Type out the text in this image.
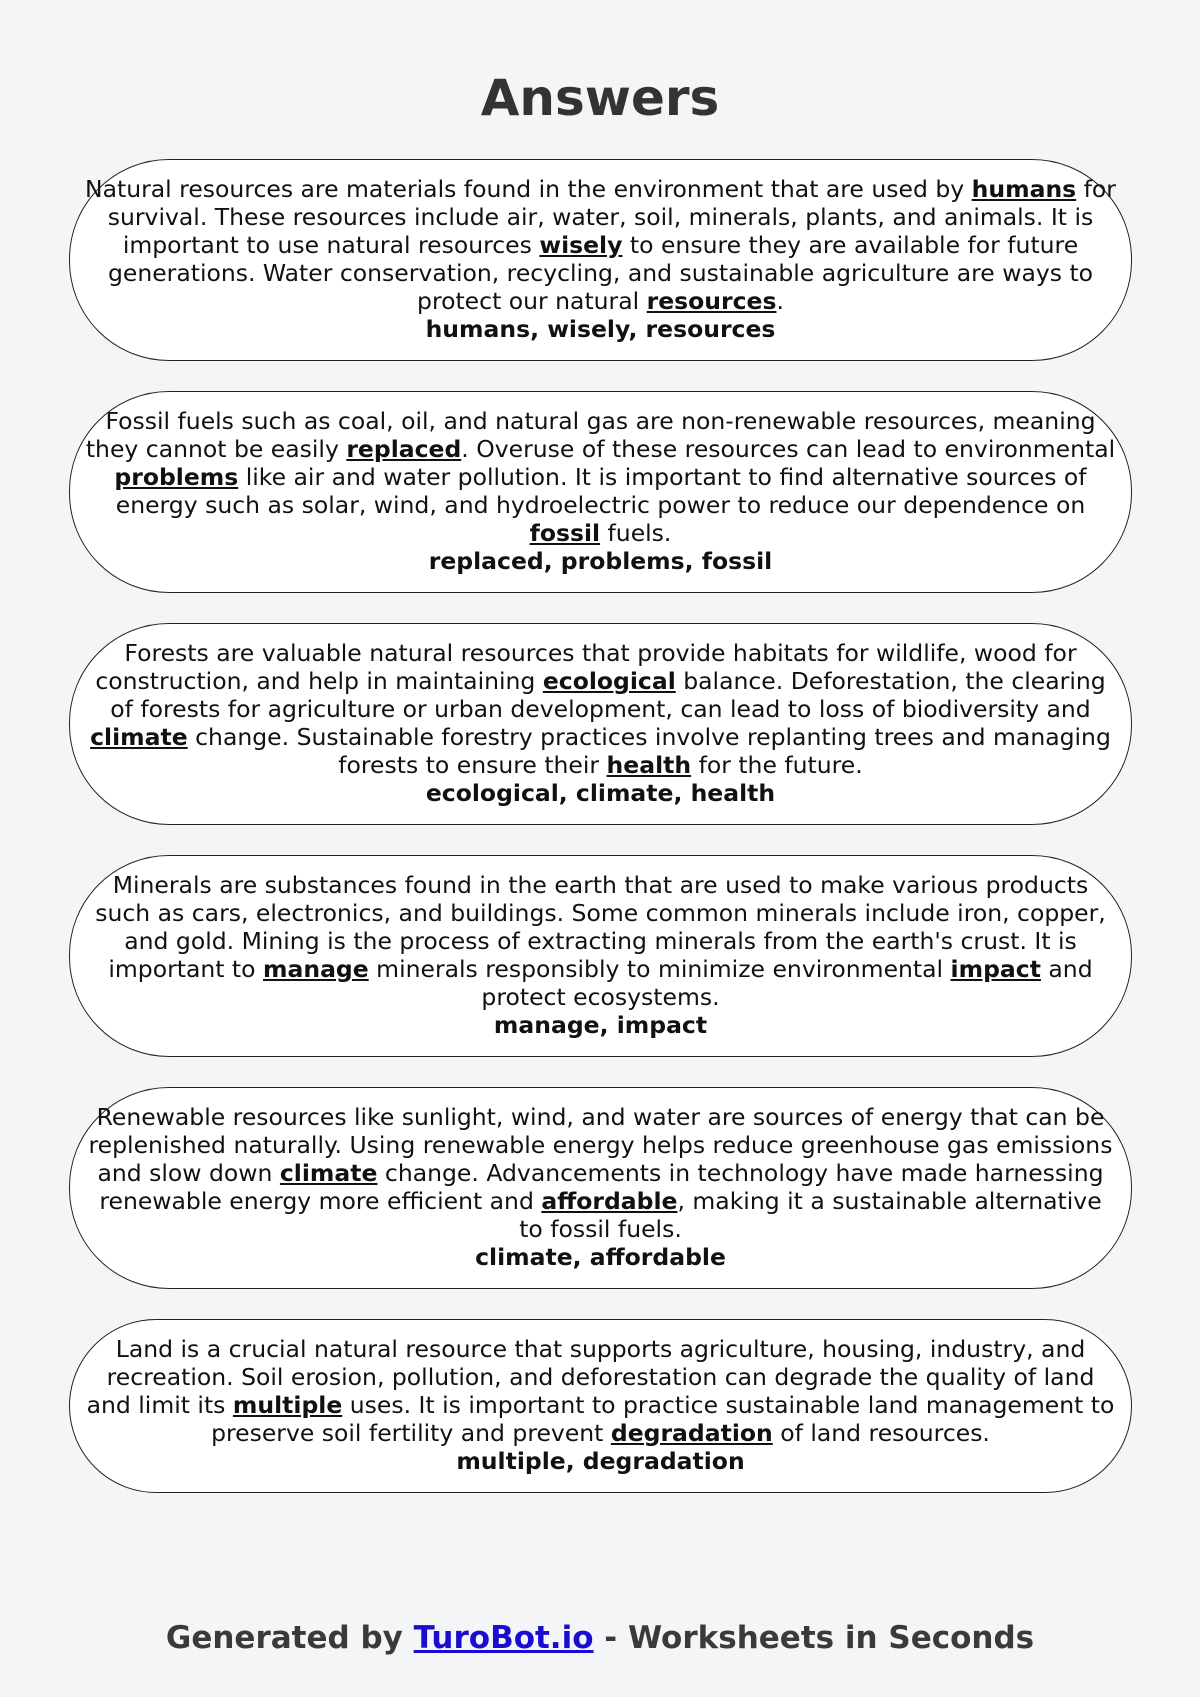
Answers

Natural resources are materials found in the environment that are used by humans for survival. These resources include air, water, soil, minerals, plants, and animals. It is important to use natural resources wisely to ensure they are available for future generations. Water conservation, recycling, and sustainable agriculture are ways to protect our natural resources.

humans, wisely, resources

Fossil fuels such as coal, oil, and natural gas are non-renewable resources, meaning they cannot be easily replaced. Overuse of these resources can lead to environmental problems like air and water pollution. It is important to find alternative sources of energy such as solar, wind, and hydroelectric power to reduce our dependence on fossil fuels.

replaced, problems, fossil

Forests are valuable natural resources that provide habitats for wildlife, wood for construction, and help in maintaining ecological balance. Deforestation, the clearing of forests for agriculture or urban development, can lead to loss of biodiversity and climate change. Sustainable forestry practices involve replanting trees and managing forests to ensure their health for the future.

ecological, climate, health

Minerals are substances found in the earth that are used to make various products such as cars, electronics, and buildings. Some common minerals include iron, copper, and gold. Mining is the process of extracting minerals from the earth's crust. It is important to manage minerals responsibly to minimize environmental impact and protect ecosystems.

manage, impact

Renewable resources like sunlight, wind, and water are sources of energy that can be replenished naturally. Using renewable energy helps reduce greenhouse gas emissions and slow down climate change. Advancements in technology have made harnessing renewable energy more efficient and affordable, making it a sustainable alternative to fossil fuels.

climate, affordable

Land is a crucial natural resource that supports agriculture, housing, industry, and recreation. Soil erosion, pollution, and deforestation can degrade the quality of land and limit its multiple uses. It is important to practice sustainable land management to preserve soil fertility and prevent degradation of land resources.

multiple, degradation

Generated by TuroBot.io - Worksheets in Seconds
